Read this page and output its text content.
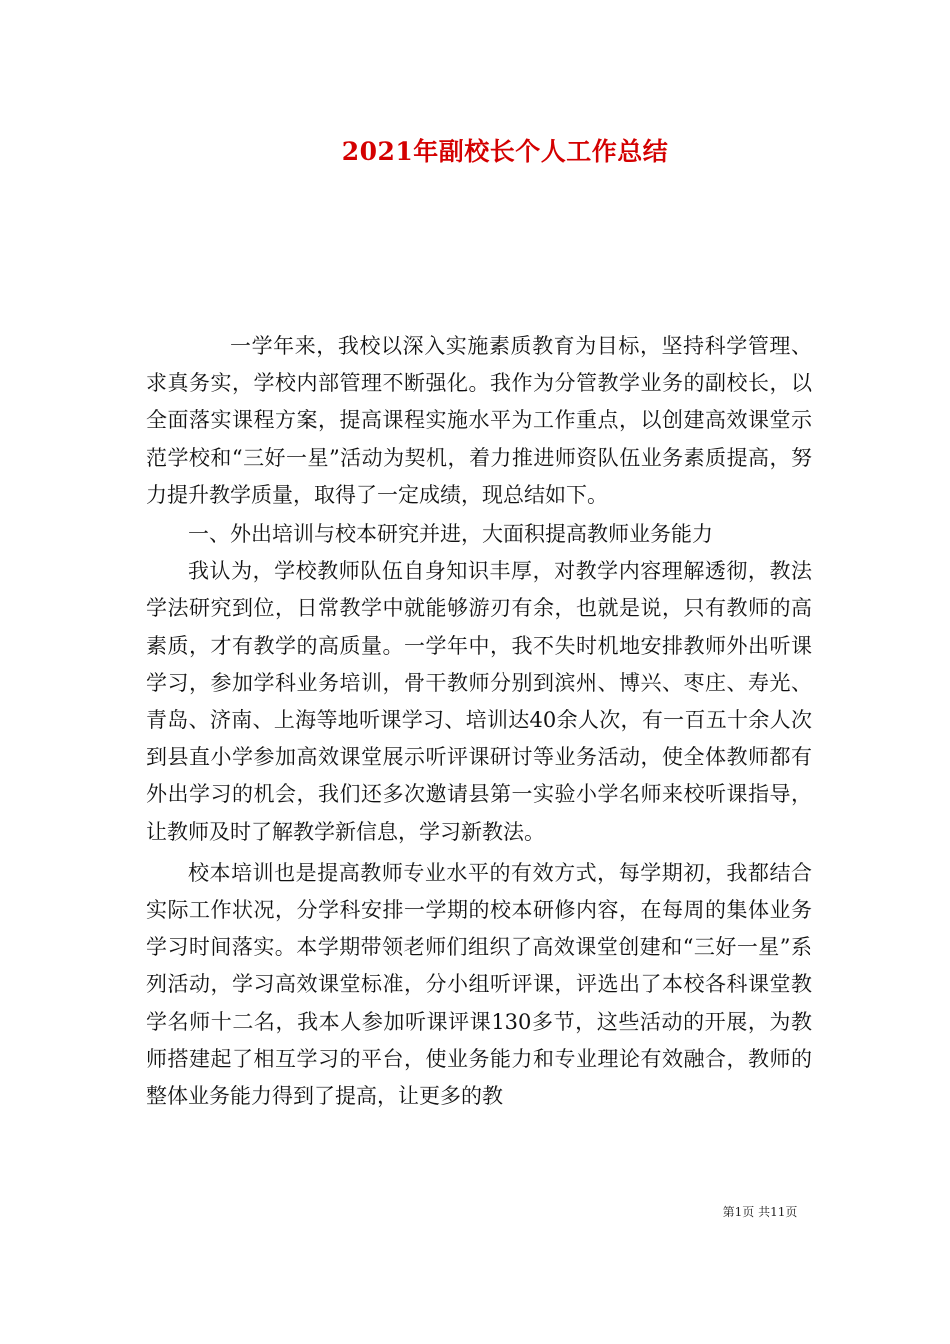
2021年副校长个人工作总结

一学年来，我校以深入实施素质教育为目标，坚持科学管理、求真务实，学校内部管理不断强化。我作为分管教学业务的副校长，以全面落实课程方案，提高课程实施水平为工作重点，以创建高效课堂示范学校和“三好一星”活动为契机，着力推进师资队伍业务素质提高，努力提升教学质量，取得了一定成绩，现总结如下。

一、外出培训与校本研究并进，大面积提高教师业务能力

我认为，学校教师队伍自身知识丰厚，对教学内容理解透彻，教法学法研究到位，日常教学中就能够游刃有余，也就是说，只有教师的高素质，才有教学的高质量。一学年中，我不失时机地安排教师外出听课学习，参加学科业务培训，骨干教师分别到滨州、博兴、枣庄、寿光、青岛、济南、上海等地听课学习、培训达40余人次，有一百五十余人次到县直小学参加高效课堂展示听评课研讨等业务活动，使全体教师都有外出学习的机会，我们还多次邀请县第一实验小学名师来校听课指导，让教师及时了解教学新信息，学习新教法。

校本培训也是提高教师专业水平的有效方式，每学期初，我都结合实际工作状况，分学科安排一学期的校本研修内容，在每周的集体业务学习时间落实。本学期带领老师们组织了高效课堂创建和“三好一星”系列活动，学习高效课堂标准，分小组听评课，评选出了本校各科课堂教学名师十二名，我本人参加听课评课130多节，这些活动的开展，为教师搭建起了相互学习的平台，使业务能力和专业理论有效融合，教师的整体业务能力得到了提高，让更多的教

第1页 共11页
